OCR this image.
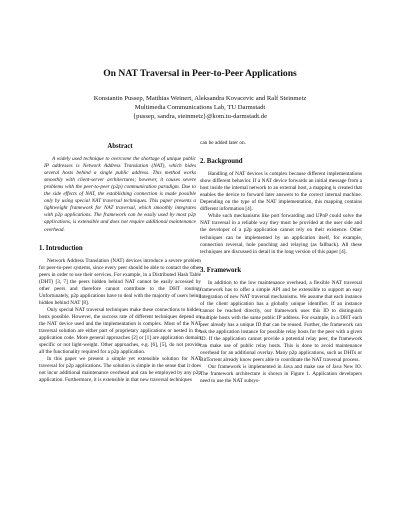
On NAT Traversal in Peer-to-Peer Applications
Konstantin Pussep, Matthias Weinert, Aleksandra Kovacevic and Ralf Steinmetz
Multimedia Communications Lab, TU Darmstadt
{pussep, sandra, steinmetz}@kom.tu-darmstadt.de
Abstract

A widely used technique to overcome the shortage of unique public IP addresses is Network Address Translation (NAT), which hides several hosts behind a single public address. This method works smoothly with client-server architectures; however, it causes severe problems with the peer-to-peer (p2p) communication paradigm. Due to the side effects of NAT, the establishing connection is made possible only by using special NAT traversal techniques. This paper presents a lightweight framework for NAT traversal, which smoothly integrates with p2p applications. The framework can be easily used by most p2p applications, is extensible and does not require additional maintenance overhead.

1. Introduction

Network Address Translation (NAT) devices introduce a severe problem for peer-to-peer systems, since every peer should be able to contact the other peers in order to use their services. For example, in a Distributed Hash Table (DHT) [3, 7] the peers hidden behind NAT cannot be easily accessed by other peers and therefore cannot contribute to the DHT routing. Unfortunately, p2p applications have to deal with the majority of users being hidden behind NAT [8].

Only special NAT traversal techniques make these connections to hidden hosts possible. However, the success rate of different techniques depend on the NAT device used and the implementation is complex. Most of the NAT traversal solution are either part of proprietary applications or nested in the application code. More general approaches [2] or [1] are application domain specific or not light-weight. Other approaches, e.g. [6], [5], do not provide all the functionality required for a p2p application.

In this paper we present a simple yet extensible solution for NAT traversal for p2p applications. The solution is simple in the sense that it does not incur additional maintenance overhead and can be employed by any p2p application. Furthermore, it is extensible in that new traversal techniques

can be added later on.

2. Background

Handling of NAT devices is complex because different implementations show different behavior. If a NAT device forwards an initial message from a host inside the internal network to an external host, a mapping is created that enables the device to forward later answers to the correct internal machine. Depending on the type of the NAT implementation, this mapping contains different information [4].

While such mechanisms like port forwarding and UPnP could solve the NAT traversal in a reliable way they must be provided at the user side and the developer of a p2p application cannot rely on their existence. Other techniques can be implemented by an application itself, for example, connection reversal, hole punching and relaying (as fallback). All these techniques are discussed in detail in the long version of this paper [4].

3. Framework

In addition to the low maintenance overhead, a flexible NAT traversal framework has to offer a simple API and be extensible to support an easy integration of new NAT traversal mechanisms. We assume that each instance of the client application has a globally unique identifier. If an instance cannot be reached directly, our framework uses this ID to distinguish multiple hosts with the same public IP address. For example, in a DHT each peer already has a unique ID that can be reused. Further, the framework can ask the application instance for possible relay hosts for the peer with a given ID. If the application cannot provide a potential relay peer, the framework can make use of public relay hosts. This is done to avoid maintenance overhead for an additional overlay. Many p2p applications, such as DHTs or BitTorrent already know peers able to coordinate the NAT traversal process.

Our framework is implemented in Java and make use of Java New IO. The framework architecture is shown in Figure 1. Application developers need to use the NAT subsys-
